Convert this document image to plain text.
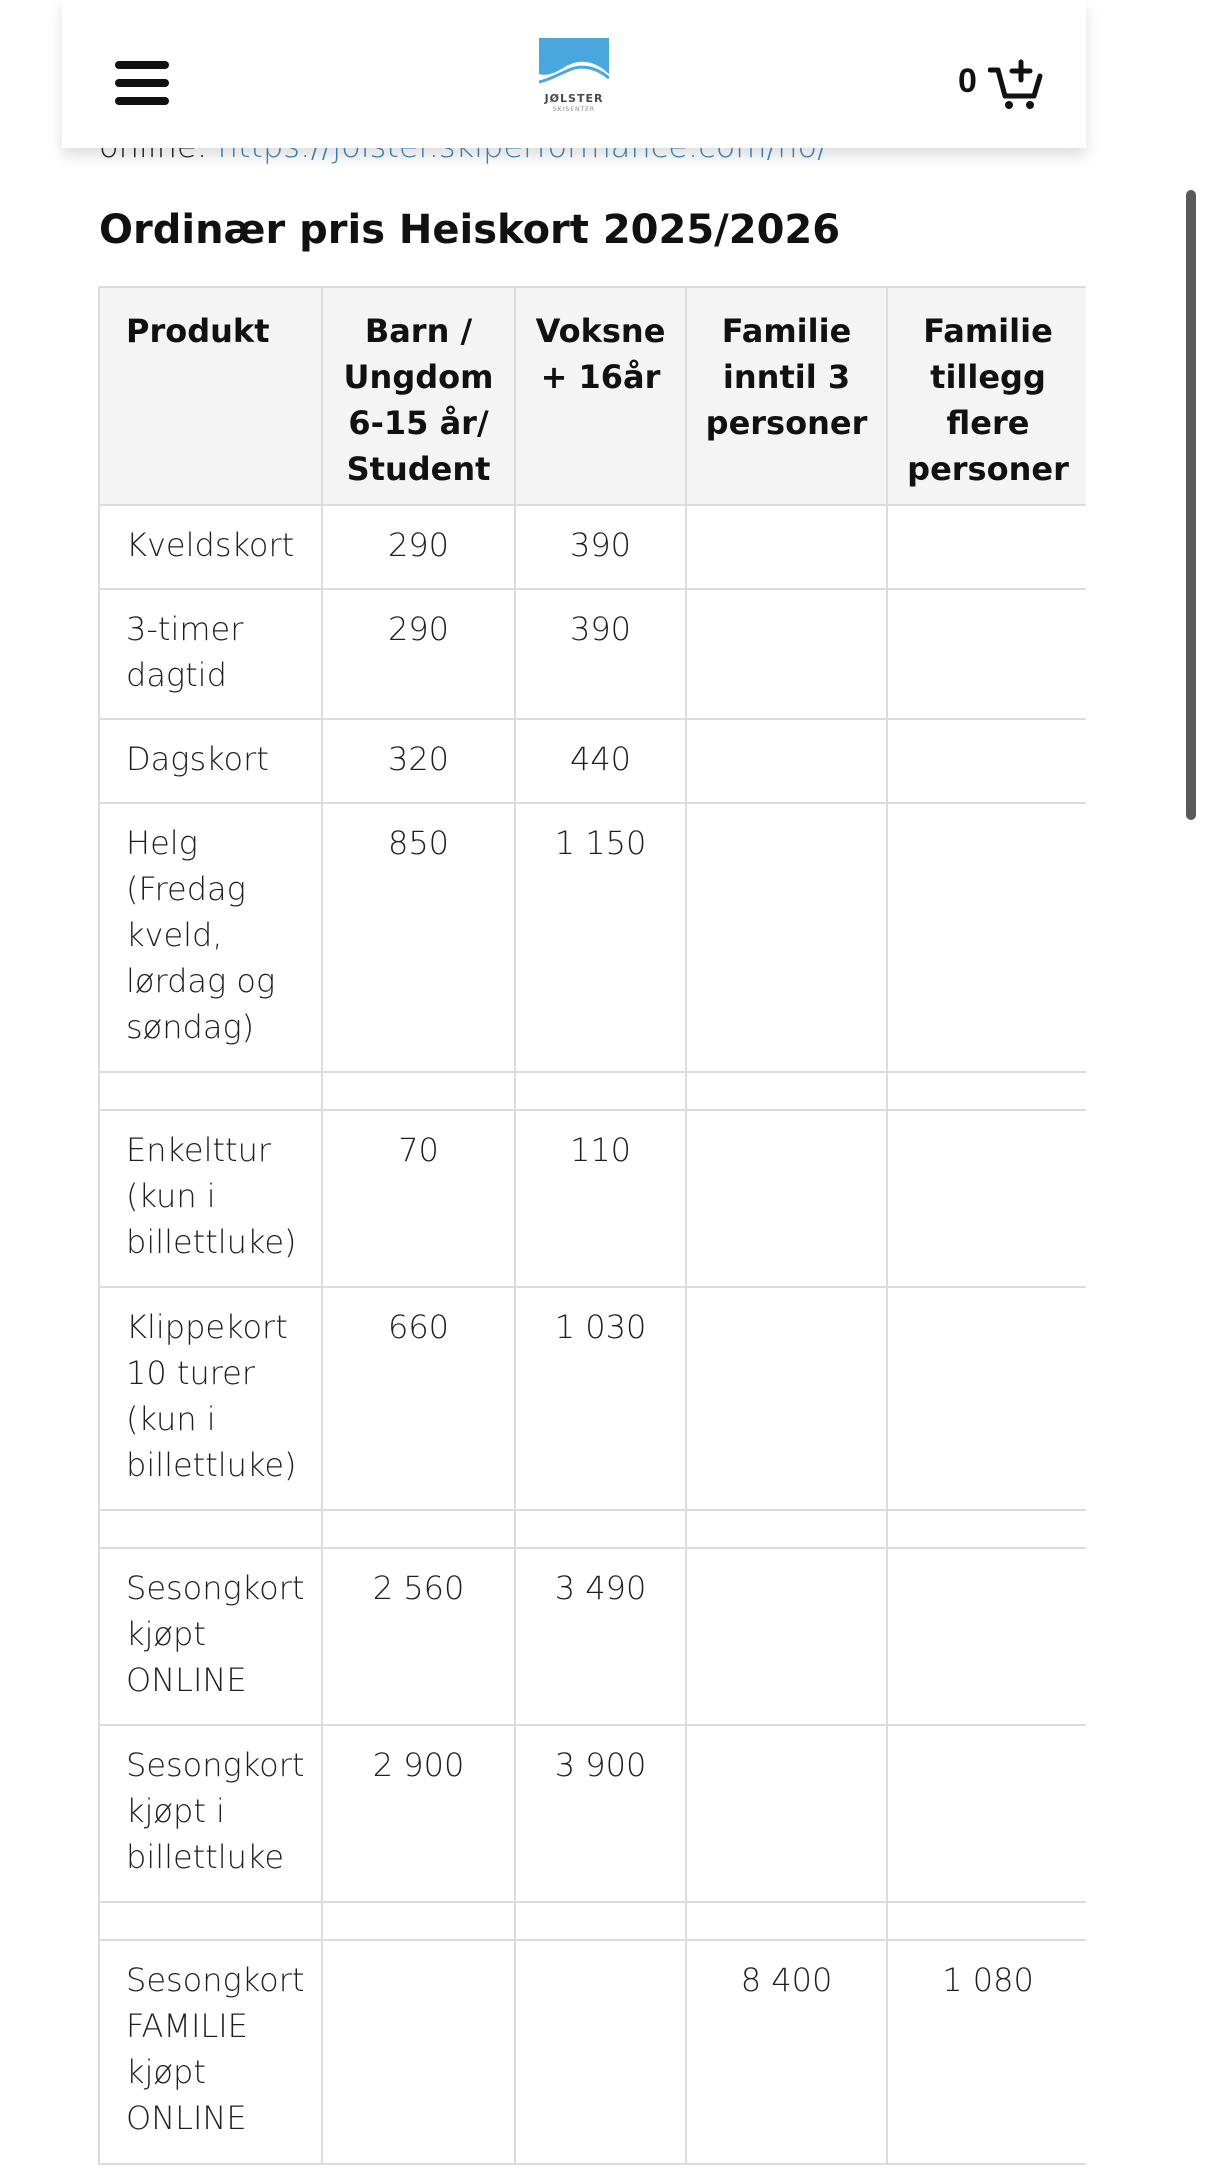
Ordinær pris Heiskort 2025/2026
Produkt	Barn / Ungdom 6-15 år/ Student	Voksne + 16år	Familie inntil 3 personer	Familie tillegg flere personer
Kveldskort	290	390		
3-timer dagtid	290	390		
Dagskort	320	440		
Helg (Fredag kveld, lørdag og søndag)	850	1 150		

Enkelttur (kun i billettluke)	70	110		
Klippekort 10 turer (kun i billettluke)	660	1 030		

Sesongkort kjøpt ONLINE	2 560	3 490		
Sesongkort kjøpt i billettluke	2 900	3 900		

Sesongkort FAMILIE kjøpt ONLINE			8 400	1 080
JØLSTER
SKISENTER
0
